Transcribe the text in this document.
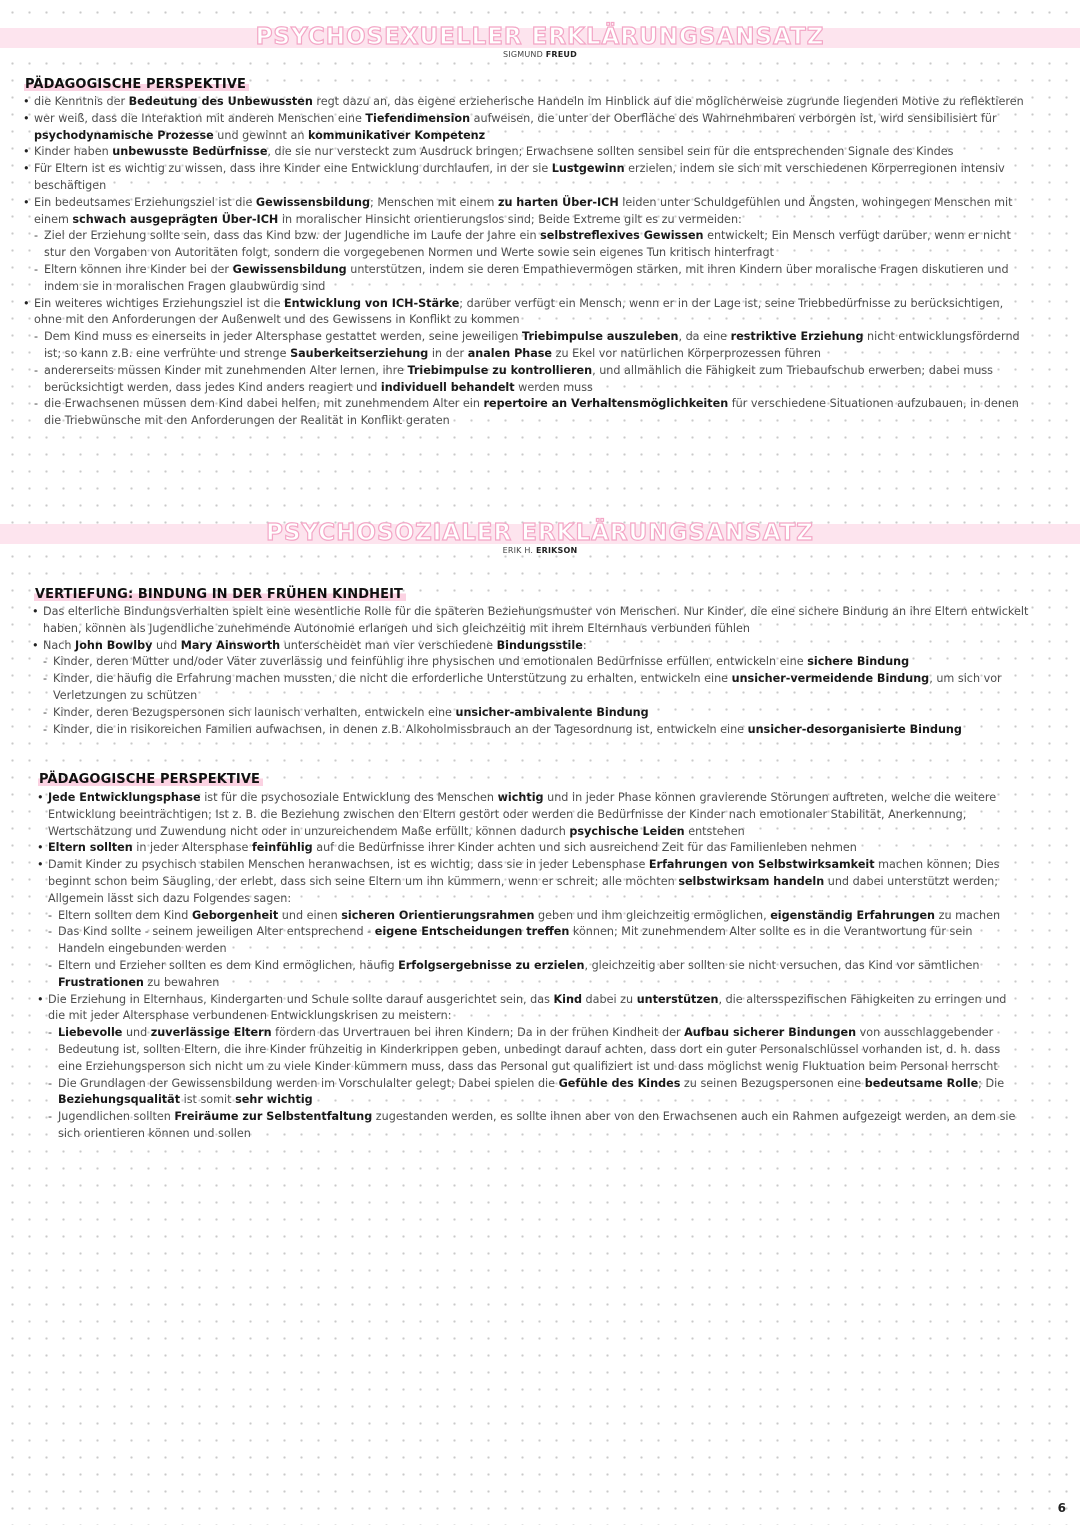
PSYCHOSEXUELLER ERKLÄRUNGSANSATZ
SIGMUND FREUD
PÄDAGOGISCHE PERSPEKTIVE

• die Kenntnis der Bedeutung des Unbewussten regt dazu an, das eigene erzieherische Handeln im Hinblick auf die möglicherweise zugrunde liegenden Motive zu reflektieren

• wer weiß, dass die Interaktion mit anderen Menschen eine Tiefendimension aufweisen, die unter der Oberfläche des Wahrnehmbaren verborgen ist, wird sensibilisiert für psychodynamische Prozesse und gewinnt an kommunikativer Kompetenz

• Kinder haben unbewusste Bedürfnisse, die sie nur versteckt zum Ausdruck bringen; Erwachsene sollten sensibel sein für die entsprechenden Signale des Kindes

• Für Eltern ist es wichtig zu wissen, dass ihre Kinder eine Entwicklung durchlaufen, in der sie Lustgewinn erzielen, indem sie sich mit verschiedenen Körperregionen intensiv beschäftigen

• Ein bedeutsames Erziehungsziel ist die Gewissensbildung; Menschen mit einem zu harten Über-ICH leiden unter Schuldgefühlen und Ängsten, wohingegen Menschen mit einem schwach ausgeprägten Über-ICH in moralischer Hinsicht orientierungslos sind; Beide Extreme gilt es zu vermeiden:

- Ziel der Erziehung sollte sein, dass das Kind bzw. der Jugendliche im Laufe der Jahre ein selbstreflexives Gewissen entwickelt; Ein Mensch verfügt darüber, wenn er nicht stur den Vorgaben von Autoritäten folgt, sondern die vorgegebenen Normen und Werte sowie sein eigenes Tun kritisch hinterfragt

- Eltern können ihre Kinder bei der Gewissensbildung unterstützen, indem sie deren Empathievermögen stärken, mit ihren Kindern über moralische Fragen diskutieren und indem sie in moralischen Fragen glaubwürdig sind

• Ein weiteres wichtiges Erziehungsziel ist die Entwicklung von ICH-Stärke; darüber verfügt ein Mensch, wenn er in der Lage ist, seine Triebbedürfnisse zu berücksichtigen, ohne mit den Anforderungen der Außenwelt und des Gewissens in Konflikt zu kommen

- Dem Kind muss es einerseits in jeder Altersphase gestattet werden, seine jeweiligen Triebimpulse auszuleben, da eine restriktive Erziehung nicht entwicklungsfördernd ist; so kann z.B. eine verfrühte und strenge Sauberkeitserziehung in der analen Phase zu Ekel vor natürlichen Körperprozessen führen

- andererseits müssen Kinder mit zunehmenden Alter lernen, ihre Triebimpulse zu kontrollieren, und allmählich die Fähigkeit zum Triebaufschub erwerben; dabei muss berücksichtigt werden, dass jedes Kind anders reagiert und individuell behandelt werden muss

- die Erwachsenen müssen dem Kind dabei helfen, mit zunehmendem Alter ein repertoire an Verhaltensmöglichkeiten für verschiedene Situationen aufzubauen, in denen die Triebwünsche mit den Anforderungen der Realität in Konflikt geraten

PSYCHOSOZIALER ERKLÄRUNGSANSATZ
ERIK H. ERIKSON
VERTIEFUNG: BINDUNG IN DER FRÜHEN KINDHEIT

• Das elterliche Bindungsverhalten spielt eine wesentliche Rolle für die späteren Beziehungsmuster von Menschen. Nur Kinder, die eine sichere Bindung an ihre Eltern entwickelt haben, können als Jugendliche zunehmende Autonomie erlangen und sich gleichzeitig mit ihrem Elternhaus verbunden fühlen

• Nach John Bowlby und Mary Ainsworth unterscheidet man vier verschiedene Bindungsstile:

- Kinder, deren Mütter und/oder Väter zuverlässig und feinfühlig ihre physischen und emotionalen Bedürfnisse erfüllen, entwickeln eine sichere Bindung

- Kinder, die häufig die Erfahrung machen mussten, die nicht die erforderliche Unterstützung zu erhalten, entwickeln eine unsicher-vermeidende Bindung, um sich vor Verletzungen zu schützen

- Kinder, deren Bezugspersonen sich launisch verhalten, entwickeln eine unsicher-ambivalente Bindung

- Kinder, die in risikoreichen Familien aufwachsen, in denen z.B. Alkoholmissbrauch an der Tagesordnung ist, entwickeln eine unsicher-desorganisierte Bindung

PÄDAGOGISCHE PERSPEKTIVE

• Jede Entwicklungsphase ist für die psychosoziale Entwicklung des Menschen wichtig und in jeder Phase können gravierende Störungen auftreten, welche die weitere Entwicklung beeinträchtigen; Ist z. B. die Beziehung zwischen den Eltern gestört oder werden die Bedürfnisse der Kinder nach emotionaler Stabilität, Anerkennung, Wertschätzung und Zuwendung nicht oder in unzureichendem Maße erfüllt, können dadurch psychische Leiden entstehen

• Eltern sollten in jeder Altersphase feinfühlig auf die Bedürfnisse ihrer Kinder achten und sich ausreichend Zeit für das Familienleben nehmen

• Damit Kinder zu psychisch stabilen Menschen heranwachsen, ist es wichtig, dass sie in jeder Lebensphase Erfahrungen von Selbstwirksamkeit machen können; Dies beginnt schon beim Säugling, der erlebt, dass sich seine Eltern um ihn kümmern, wenn er schreit; alle möchten selbstwirksam handeln und dabei unterstützt werden; Allgemein lässt sich dazu Folgendes sagen:

- Eltern sollten dem Kind Geborgenheit und einen sicheren Orientierungsrahmen geben und ihm gleichzeitig ermöglichen, eigenständig Erfahrungen zu machen

- Das Kind sollte - seinem jeweiligen Alter entsprechend - eigene Entscheidungen treffen können; Mit zunehmendem Alter sollte es in die Verantwortung für sein Handeln eingebunden werden

- Eltern und Erzieher sollten es dem Kind ermöglichen, häufig Erfolgsergebnisse zu erzielen, gleichzeitig aber sollten sie nicht versuchen, das Kind vor sämtlichen Frustrationen zu bewahren

• Die Erziehung in Elternhaus, Kindergarten und Schule sollte darauf ausgerichtet sein, das Kind dabei zu unterstützen, die altersspezifischen Fähigkeiten zu erringen und die mit jeder Altersphase verbundenen Entwicklungskrisen zu meistern:

- Liebevolle und zuverlässige Eltern fördern das Urvertrauen bei ihren Kindern; Da in der frühen Kindheit der Aufbau sicherer Bindungen von ausschlaggebender Bedeutung ist, sollten Eltern, die ihre Kinder frühzeitig in Kinderkrippen geben, unbedingt darauf achten, dass dort ein guter Personalschlüssel vorhanden ist, d. h. dass eine Erziehungsperson sich nicht um zu viele Kinder kümmern muss, dass das Personal gut qualifiziert ist und dass möglichst wenig Fluktuation beim Personal herrscht

- Die Grundlagen der Gewissensbildung werden im Vorschulalter gelegt; Dabei spielen die Gefühle des Kindes zu seinen Bezugspersonen eine bedeutsame Rolle; Die Beziehungsqualität ist somit sehr wichtig

- Jugendlichen sollten Freiräume zur Selbstentfaltung zugestanden werden, es sollte ihnen aber von den Erwachsenen auch ein Rahmen aufgezeigt werden, an dem sie sich orientieren können und sollen

6
